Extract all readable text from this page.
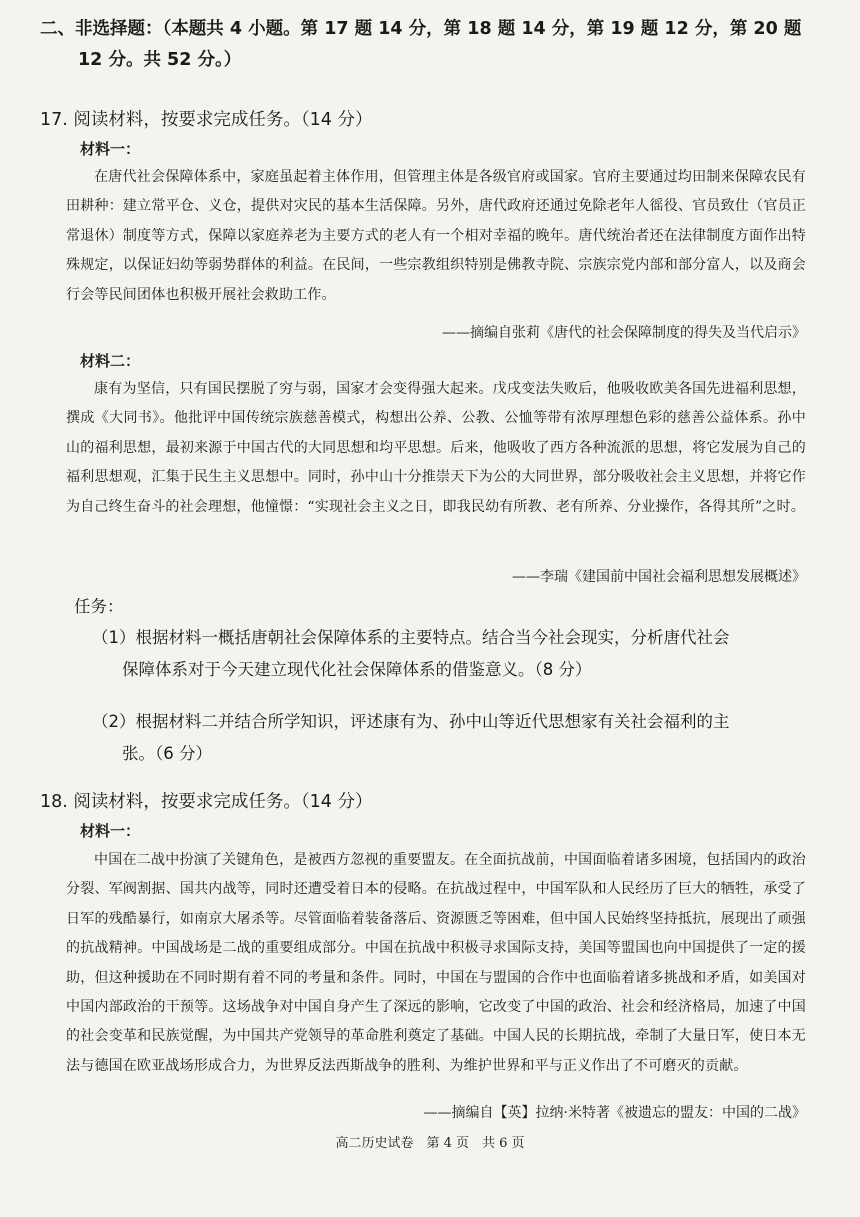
二、非选择题：（本题共 4 小题。第 17 题 14 分，第 18 题 14 分，第 19 题 12 分，第 20 题
12 分。共 52 分。）
17. 阅读材料，按要求完成任务。（14 分）
材料一：

在唐代社会保障体系中，家庭虽起着主体作用，但管理主体是各级官府或国家。官府主要通过均田制来保障农民有田耕种：建立常平仓、义仓，提供对灾民的基本生活保障。另外，唐代政府还通过免除老年人徭役、官员致仕（官员正常退休）制度等方式，保障以家庭养老为主要方式的老人有一个相对幸福的晚年。唐代统治者还在法律制度方面作出特殊规定，以保证妇幼等弱势群体的利益。在民间，一些宗教组织特别是佛教寺院、宗族宗党内部和部分富人，以及商会行会等民间团体也积极开展社会救助工作。

——摘编自张莉《唐代的社会保障制度的得失及当代启示》
材料二：

康有为坚信，只有国民摆脱了穷与弱，国家才会变得强大起来。戊戌变法失败后，他吸收欧美各国先进福利思想，撰成《大同书》。他批评中国传统宗族慈善模式，构想出公养、公教、公恤等带有浓厚理想色彩的慈善公益体系。孙中山的福利思想，最初来源于中国古代的大同思想和均平思想。后来，他吸收了西方各种流派的思想，将它发展为自己的福利思想观，汇集于民生主义思想中。同时，孙中山十分推崇天下为公的大同世界，部分吸收社会主义思想，并将它作为自己终生奋斗的社会理想，他憧憬：“实现社会主义之日，即我民幼有所教、老有所养、分业操作，各得其所”之时。

——李瑞《建国前中国社会福利思想发展概述》
任务：
（1）根据材料一概括唐朝社会保障体系的主要特点。结合当今社会现实，分析唐代社会
保障体系对于今天建立现代化社会保障体系的借鉴意义。（8 分）
（2）根据材料二并结合所学知识，评述康有为、孙中山等近代思想家有关社会福利的主
张。（6 分）
18. 阅读材料，按要求完成任务。（14 分）
材料一：

中国在二战中扮演了关键角色，是被西方忽视的重要盟友。在全面抗战前，中国面临着诸多困境，包括国内的政治分裂、军阀割据、国共内战等，同时还遭受着日本的侵略。在抗战过程中，中国军队和人民经历了巨大的牺牲，承受了日军的残酷暴行，如南京大屠杀等。尽管面临着装备落后、资源匮乏等困难，但中国人民始终坚持抵抗，展现出了顽强的抗战精神。中国战场是二战的重要组成部分。中国在抗战中积极寻求国际支持，美国等盟国也向中国提供了一定的援助，但这种援助在不同时期有着不同的考量和条件。同时，中国在与盟国的合作中也面临着诸多挑战和矛盾，如美国对中国内部政治的干预等。这场战争对中国自身产生了深远的影响，它改变了中国的政治、社会和经济格局，加速了中国的社会变革和民族觉醒，为中国共产党领导的革命胜利奠定了基础。中国人民的长期抗战，牵制了大量日军，使日本无法与德国在欧亚战场形成合力，为世界反法西斯战争的胜利、为维护世界和平与正义作出了不可磨灭的贡献。

——摘编自【英】拉纳·米特著《被遗忘的盟友：中国的二战》
高二历史试卷　第 4 页　共 6 页
